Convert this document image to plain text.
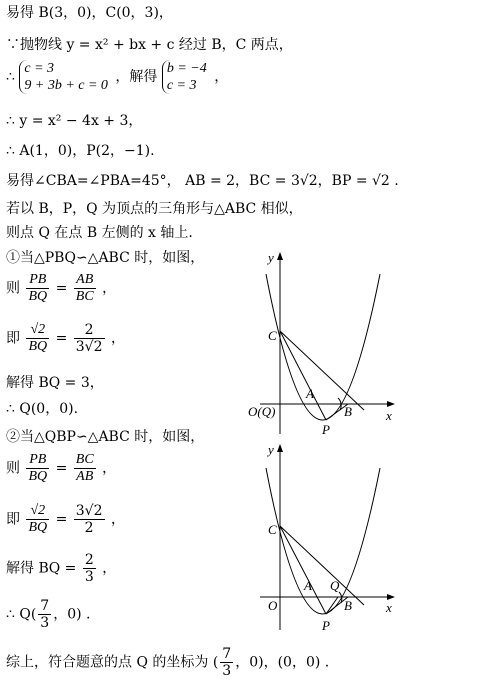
易得 B(3，0)，C(0，3)，
∵抛物线 y = x² + bx + c 经过 B，C 两点，
∴
c = 3
9 + 3b + c = 0
，解得
b = −4
c = 3
，
∴ y = x² − 4x + 3，
∴ A(1，0)，P(2，−1).
易得∠CBA=∠PBA=45°， AB = 2，BC = 3√2，BP = √2 .
若以 B，P，Q 为顶点的三角形与△ABC 相似，
则点 Q 在点 B 左侧的 x 轴上.
①当△PBQ∽△ABC 时，如图，
则 $\frac{PB}{BQ} = \frac{AB}{BC}$ ，
即 $\frac{√2}{BQ} = \frac{2}{3√2}$ ，
解得 BQ = 3，
∴ Q(0，0).
②当△QBP∽△ABC 时，如图，
则 $\frac{PB}{BQ} = \frac{BC}{AB}$ ，
即 $\frac{√2}{BQ} = \frac{3√2}{2}$ ，
解得 BQ = $\frac{2}{3}$ ，
∴ $Q( \frac{7}{3}$ ，0) .
综上，符合题意的点 Q 的坐标为 ( $\frac{7}{3}$ ，0)，(0，0) .
y
x
C
A
B
P
O(Q)
y
x
C
A Q
B
P
O
